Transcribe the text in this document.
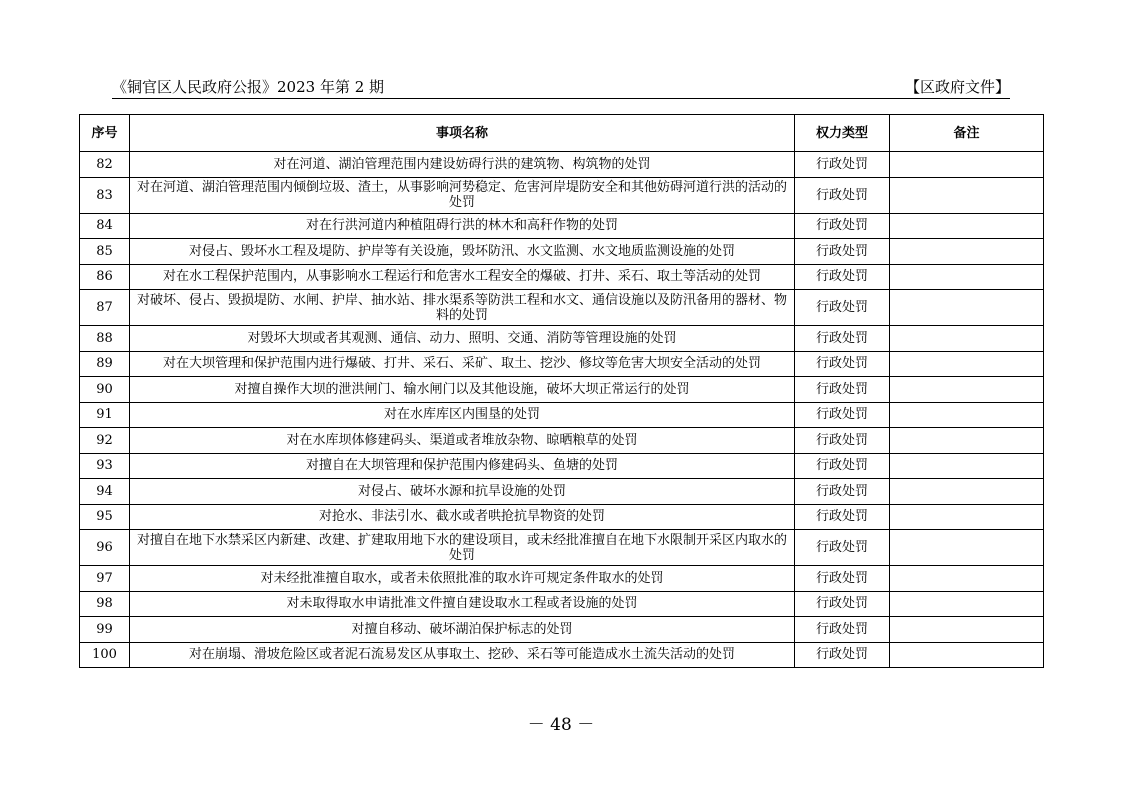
《铜官区人民政府公报》2023 年第 2 期	【区政府文件】
序号	事项名称	权力类型	备注
82	对在河道、湖泊管理范围内建设妨碍行洪的建筑物、构筑物的处罚	行政处罚	
83	对在河道、湖泊管理范围内倾倒垃圾、渣土，从事影响河势稳定、危害河岸堤防安全和其他妨碍河道行洪的活动的处罚	行政处罚	
84	对在行洪河道内种植阻碍行洪的林木和高秆作物的处罚	行政处罚	
85	对侵占、毁坏水工程及堤防、护岸等有关设施，毁坏防汛、水文监测、水文地质监测设施的处罚	行政处罚	
86	对在水工程保护范围内，从事影响水工程运行和危害水工程安全的爆破、打井、采石、取土等活动的处罚	行政处罚	
87	对破坏、侵占、毁损堤防、水闸、护岸、抽水站、排水渠系等防洪工程和水文、通信设施以及防汛备用的器材、物料的处罚	行政处罚	
88	对毁坏大坝或者其观测、通信、动力、照明、交通、消防等管理设施的处罚	行政处罚	
89	对在大坝管理和保护范围内进行爆破、打井、采石、采矿、取土、挖沙、修坟等危害大坝安全活动的处罚	行政处罚	
90	对擅自操作大坝的泄洪闸门、输水闸门以及其他设施，破坏大坝正常运行的处罚	行政处罚	
91	对在水库库区内围垦的处罚	行政处罚	
92	对在水库坝体修建码头、渠道或者堆放杂物、晾晒粮草的处罚	行政处罚	
93	对擅自在大坝管理和保护范围内修建码头、鱼塘的处罚	行政处罚	
94	对侵占、破坏水源和抗旱设施的处罚	行政处罚	
95	对抢水、非法引水、截水或者哄抢抗旱物资的处罚	行政处罚	
96	对擅自在地下水禁采区内新建、改建、扩建取用地下水的建设项目，或未经批准擅自在地下水限制开采区内取水的处罚	行政处罚	
97	对未经批准擅自取水，或者未依照批准的取水许可规定条件取水的处罚	行政处罚	
98	对未取得取水申请批准文件擅自建设取水工程或者设施的处罚	行政处罚	
99	对擅自移动、破坏湖泊保护标志的处罚	行政处罚	
100	对在崩塌、滑坡危险区或者泥石流易发区从事取土、挖砂、采石等可能造成水土流失活动的处罚	行政处罚	
－ 48 －
